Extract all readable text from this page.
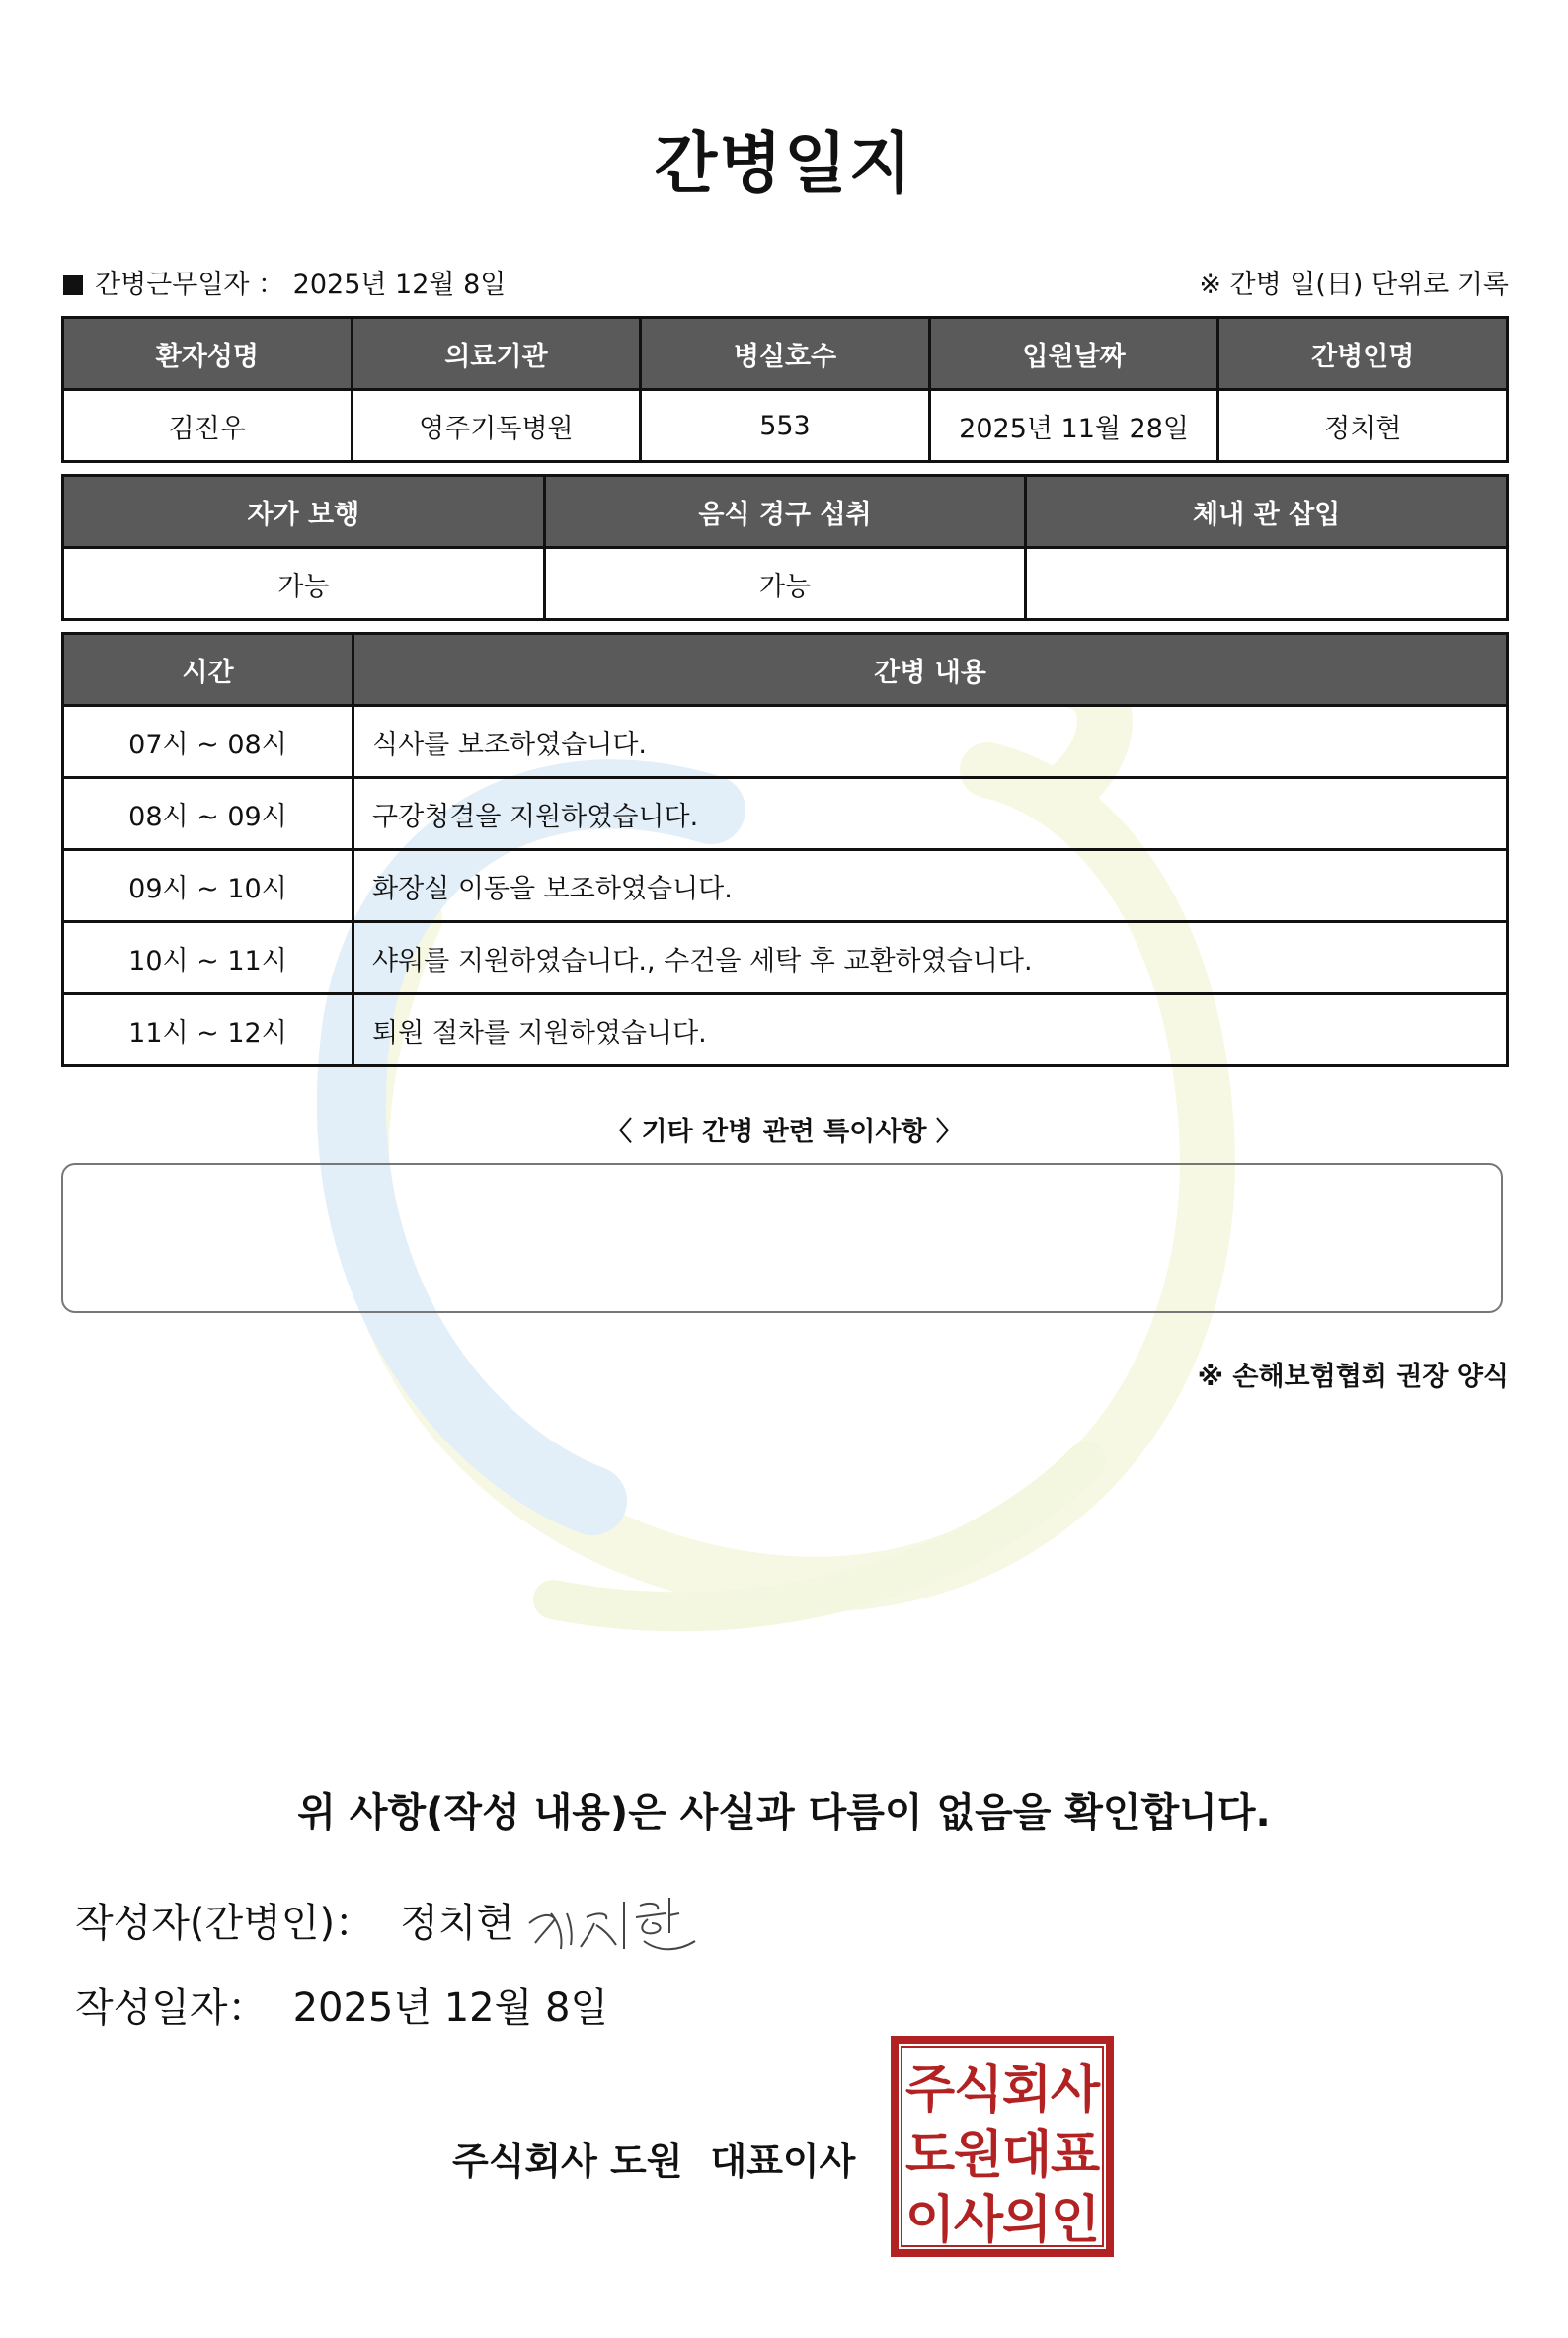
간병일지
간병근무일자 ： 2025년 12월 8일	※ 간병 일(日) 단위로 기록
환자성명	의료기관	병실호수	입원날짜	간병인명
김진우	영주기독병원	553	2025년 11월 28일	정치현
자가 보행	음식 경구 섭취	체내 관 삽입
가능	가능	
시간	간병 내용
07시 ~ 08시	식사를 보조하였습니다.
08시 ~ 09시	구강청결을 지원하였습니다.
09시 ~ 10시	화장실 이동을 보조하였습니다.
10시 ~ 11시	샤워를 지원하였습니다., 수건을 세탁 후 교환하였습니다.
11시 ~ 12시	퇴원 절차를 지원하였습니다.
〈 기타 간병 관련 특이사항 〉
※ 손해보험협회 권장 양식
위 사항(작성 내용)은 사실과 다름이 없음을 확인합니다.
작성자(간병인)： 정치현
작성일자： 2025년 12월 8일
주식회사 도원 대표이사
주
식
회
사
도
원
대
표
이
사
의
인
